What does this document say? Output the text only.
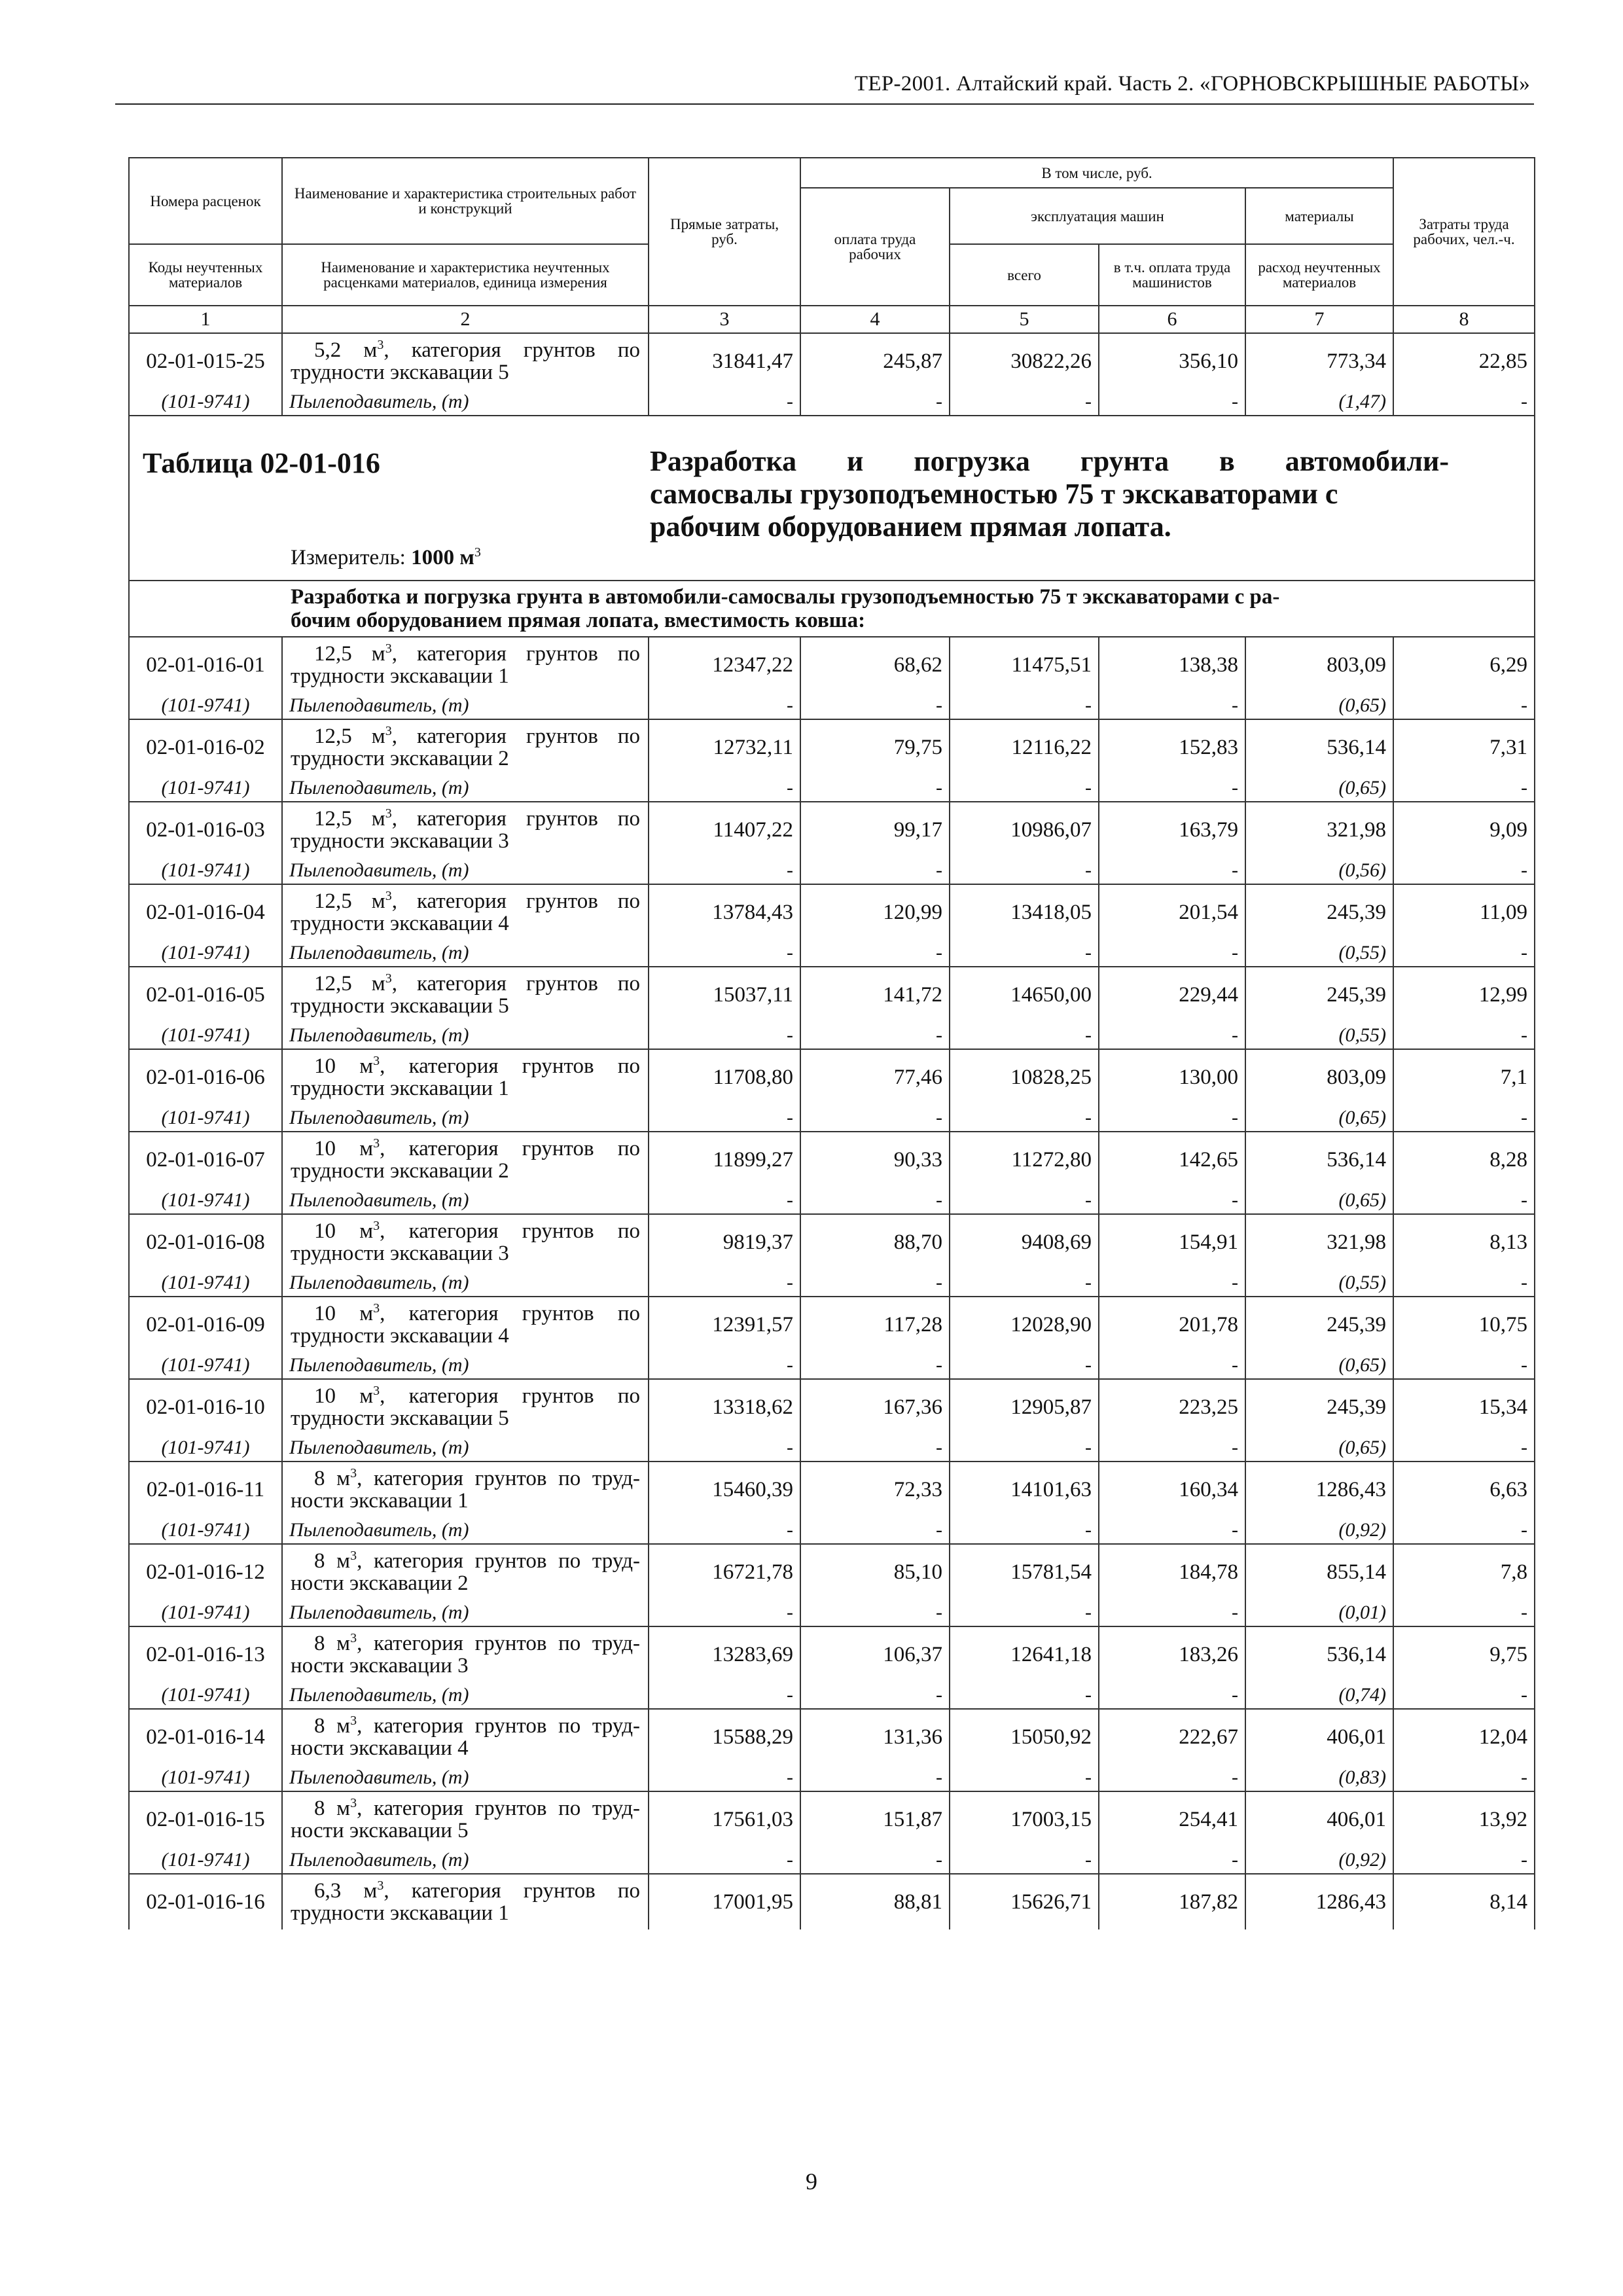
ТЕР-2001. Алтайский край. Часть 2. «ГОРНОВСКРЫШНЫЕ РАБОТЫ»
Номера расценок	Наименование и характеристика строительных работ и конструкций	Прямые затраты, руб.	В том числе, руб.				Затраты труда рабочих, чел.-ч.
			оплата труда рабочих	эксплуатация машин		материалы	
Коды неучтенных материалов	Наименование и характеристика неучтенных расценками материалов, единица измерения			всего	в т.ч. оплата труда машинистов	расход неучтенных материалов	
1	2	3	4	5	6	7	8
02-01-015-25	5,2 $м^3$, категория грунтов по
трудности экскавации 5	31841,47	245,87	30822,26	356,10	773,34	22,85
(101-9741)	Пылеподавитель, (т)	-	-	-	-	(1,47)	-

Таблица 02-01-016 Разработка и погрузка грунта в автомобили-
самосвалы грузоподъемностью 75 т экскаваторами с
рабочим оборудованием прямая лопата.
Измеритель: 1000 $м^3$

Разработка и погрузка грунта в автомобили-самосвалы грузоподъемностью 75 т экскаваторами с ра-
бочим оборудованием прямая лопата, вместимость ковша:							

02-01-016-01	12,5 $м^3$, категория грунтов по
трудности экскавации 1	12347,22	68,62	11475,51	138,38	803,09	6,29
(101-9741)	Пылеподавитель, (т)	-	-	-	-	(0,65)	-
02-01-016-02	12,5 $м^3$, категория грунтов по
трудности экскавации 2	12732,11	79,75	12116,22	152,83	536,14	7,31
(101-9741)	Пылеподавитель, (т)	-	-	-	-	(0,65)	-
02-01-016-03	12,5 $м^3$, категория грунтов по
трудности экскавации 3	11407,22	99,17	10986,07	163,79	321,98	9,09
(101-9741)	Пылеподавитель, (т)	-	-	-	-	(0,56)	-
02-01-016-04	12,5 $м^3$, категория грунтов по
трудности экскавации 4	13784,43	120,99	13418,05	201,54	245,39	11,09
(101-9741)	Пылеподавитель, (т)	-	-	-	-	(0,55)	-
02-01-016-05	12,5 $м^3$, категория грунтов по
трудности экскавации 5	15037,11	141,72	14650,00	229,44	245,39	12,99
(101-9741)	Пылеподавитель, (т)	-	-	-	-	(0,55)	-
02-01-016-06	10 $м^3$, категория грунтов по
трудности экскавации 1	11708,80	77,46	10828,25	130,00	803,09	7,1
(101-9741)	Пылеподавитель, (т)	-	-	-	-	(0,65)	-
02-01-016-07	10 $м^3$, категория грунтов по
трудности экскавации 2	11899,27	90,33	11272,80	142,65	536,14	8,28
(101-9741)	Пылеподавитель, (т)	-	-	-	-	(0,65)	-
02-01-016-08	10 $м^3$, категория грунтов по
трудности экскавации 3	9819,37	88,70	9408,69	154,91	321,98	8,13
(101-9741)	Пылеподавитель, (т)	-	-	-	-	(0,55)	-
02-01-016-09	10 $м^3$, категория грунтов по
трудности экскавации 4	12391,57	117,28	12028,90	201,78	245,39	10,75
(101-9741)	Пылеподавитель, (т)	-	-	-	-	(0,65)	-
02-01-016-10	10 $м^3$, категория грунтов по
трудности экскавации 5	13318,62	167,36	12905,87	223,25	245,39	15,34
(101-9741)	Пылеподавитель, (т)	-	-	-	-	(0,65)	-
02-01-016-11	8 $м^3$, категория грунтов по труд-
ности экскавации 1	15460,39	72,33	14101,63	160,34	1286,43	6,63
(101-9741)	Пылеподавитель, (т)	-	-	-	-	(0,92)	-
02-01-016-12	8 $м^3$, категория грунтов по труд-
ности экскавации 2	16721,78	85,10	15781,54	184,78	855,14	7,8
(101-9741)	Пылеподавитель, (т)	-	-	-	-	(0,01)	-
02-01-016-13	8 $м^3$, категория грунтов по труд-
ности экскавации 3	13283,69	106,37	12641,18	183,26	536,14	9,75
(101-9741)	Пылеподавитель, (т)	-	-	-	-	(0,74)	-
02-01-016-14	8 $м^3$, категория грунтов по труд-
ности экскавации 4	15588,29	131,36	15050,92	222,67	406,01	12,04
(101-9741)	Пылеподавитель, (т)	-	-	-	-	(0,83)	-
02-01-016-15	8 $м^3$, категория грунтов по труд-
ности экскавации 5	17561,03	151,87	17003,15	254,41	406,01	13,92
(101-9741)	Пылеподавитель, (т)	-	-	-	-	(0,92)	-
02-01-016-16	6,3 $м^3$, категория грунтов по
трудности экскавации 1	17001,95	88,81	15626,71	187,82	1286,43	8,14
9
